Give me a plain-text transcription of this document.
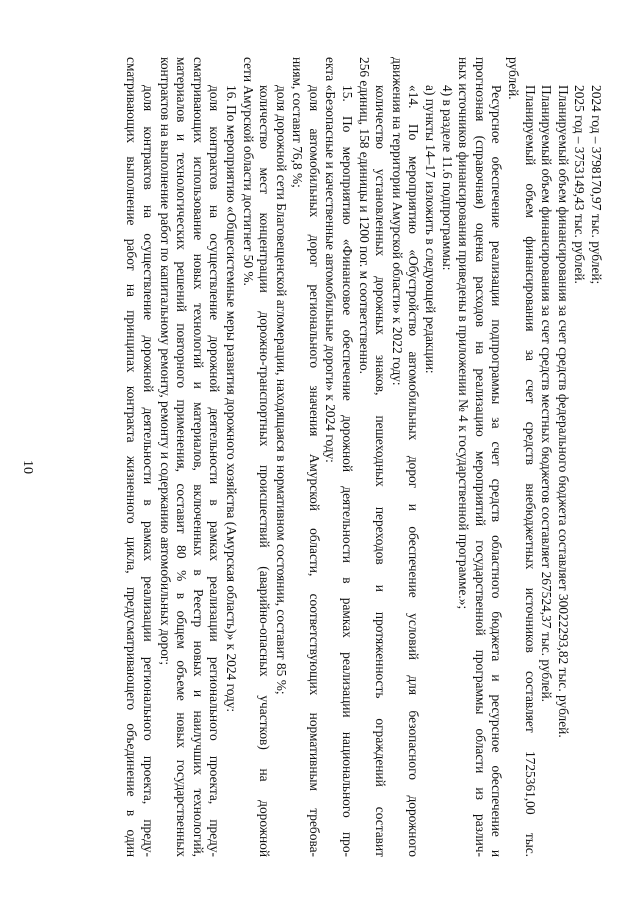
10
2024 год – 3798170,97 тыс. рублей;
2025 год – 3753149,43 тыс. рублей.
Планируемый объем финансирования за счет средств федерального бюджета составляет 30022293,82 тыс. рублей.
Планируемый объем финансирования за счет средств местных бюджетов составляет 267524,37 тыс. рублей.
Планируемый объем финансирования за счет средств внебюджетных источников составляет 1725361,00 тыс.
рублей.
Ресурсное обеспечение реализации подпрограммы за счет средств областного бюджета и ресурсное обеспечение и
прогнозная (справочная) оценка расходов на реализацию мероприятий государственной программы области из различ-
ных источников финансирования приведены в приложении № 4 к государственной программе.»;
4) в разделе 11.6 подпрограммы:
а) пункты 14–17 изложить в следующей редакции:
«14. По мероприятию «Обустройство автомобильных дорог и обеспечение условий для безопасного дорожного
движения на территории Амурской области» к 2022 году:
количество установленных дорожных знаков, пешеходных переходов и протяженность ограждений составит
256 единиц, 158 единицы и 1200 пог. м соответственно.
15. По мероприятию «Финансовое обеспечение дорожной деятельности в рамках реализации национального про-
екта «Безопасные и качественные автомобильные дороги» к 2024 году:
доля автомобильных дорог регионального значения Амурской области, соответствующих нормативным требова-
ниям, составит 76,8 %;
доля дорожной сети Благовещенской агломерации, находящаяся в нормативном состоянии, составит 85 %;
количество мест концентрации дорожно-транспортных происшествий (аварийно-опасных участков) на дорожной
сети Амурской области достигнет 50 %.
16. По мероприятию «Общесистемные меры развития дорожного хозяйства (Амурская область)» к 2024 году:
доля контрактов на осуществление дорожной деятельности в рамках реализации регионального проекта, преду-
сматривающих использование новых технологий и материалов, включенных в Реестр новых и наилучших технологий,
материалов и технологических решений повторного применения, составит 80 % в общем объеме новых государственных
контрактов на выполнение работ по капитальному ремонту, ремонту и содержанию автомобильных дорог;
доля контрактов на осуществление дорожной деятельности в рамках реализации регионального проекта, преду-
сматривающих выполнение работ на принципах контракта жизненного цикла, предусматривающего объединение в один
